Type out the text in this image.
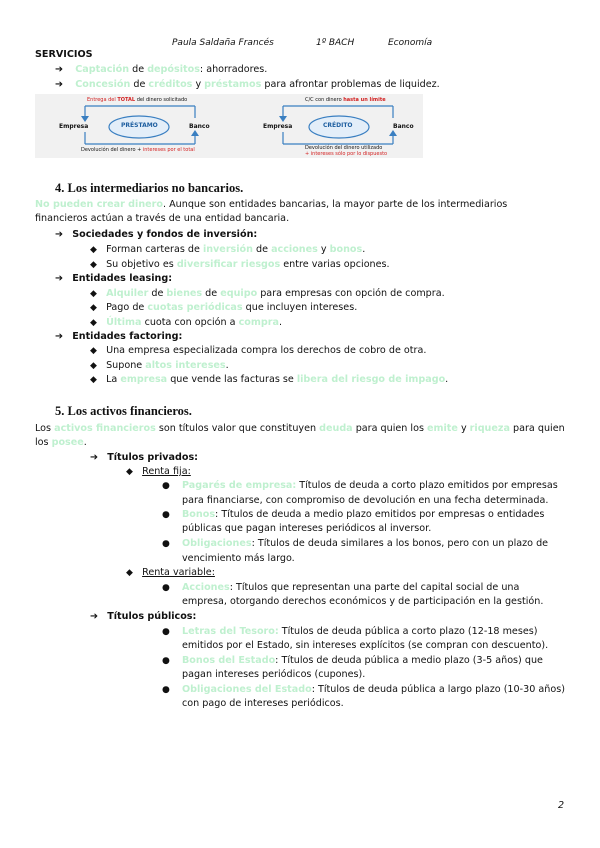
Paula Saldaña Francés	1º BACH	Economía
SERVICIOS
➔ Captación de depósitos: ahorradores.
➔ Concesión de créditos y préstamos para afrontar problemas de liquidez.
Entrega del TOTAL del dinero solicitado
Empresa	PRÉSTAMO	Banco
Devolución del dinero + intereses por el total
C/C con dinero hasta un límite
Empresa	CRÉDITO	Banco
Devolución del dinero utilizado
+ intereses sólo por lo dispuesto
4. Los intermediarios no bancarios.
No pueden crear dinero. Aunque son entidades bancarias, la mayor parte de los intermediarios
financieros actúan a través de una entidad bancaria.
➔ Sociedades y fondos de inversión:
◆ Forman carteras de inversión de acciones y bonos.
◆ Su objetivo es diversificar riesgos entre varias opciones.
➔ Entidades leasing:
◆ Alquiler de bienes de equipo para empresas con opción de compra.
◆ Pago de cuotas periódicas que incluyen intereses.
◆ Última cuota con opción a compra.
➔ Entidades factoring:
◆ Una empresa especializada compra los derechos de cobro de otra.
◆ Supone altos intereses.
◆ La empresa que vende las facturas se libera del riesgo de impago.
5. Los activos financieros.
Los activos financieros son títulos valor que constituyen deuda para quien los emite y riqueza para quien
los posee.
➔ Títulos privados:
◆ Renta fija:
● Pagarés de empresa: Títulos de deuda a corto plazo emitidos por empresas
para financiarse, con compromiso de devolución en una fecha determinada.
● Bonos: Títulos de deuda a medio plazo emitidos por empresas o entidades
públicas que pagan intereses periódicos al inversor.
● Obligaciones: Títulos de deuda similares a los bonos, pero con un plazo de
vencimiento más largo.
◆ Renta variable:
● Acciones: Títulos que representan una parte del capital social de una
empresa, otorgando derechos económicos y de participación en la gestión.
➔ Títulos públicos:
● Letras del Tesoro: Títulos de deuda pública a corto plazo (12-18 meses)
emitidos por el Estado, sin intereses explícitos (se compran con descuento).
● Bonos del Estado: Títulos de deuda pública a medio plazo (3-5 años) que
pagan intereses periódicos (cupones).
● Obligaciones del Estado: Títulos de deuda pública a largo plazo (10-30 años)
con pago de intereses periódicos.
2
